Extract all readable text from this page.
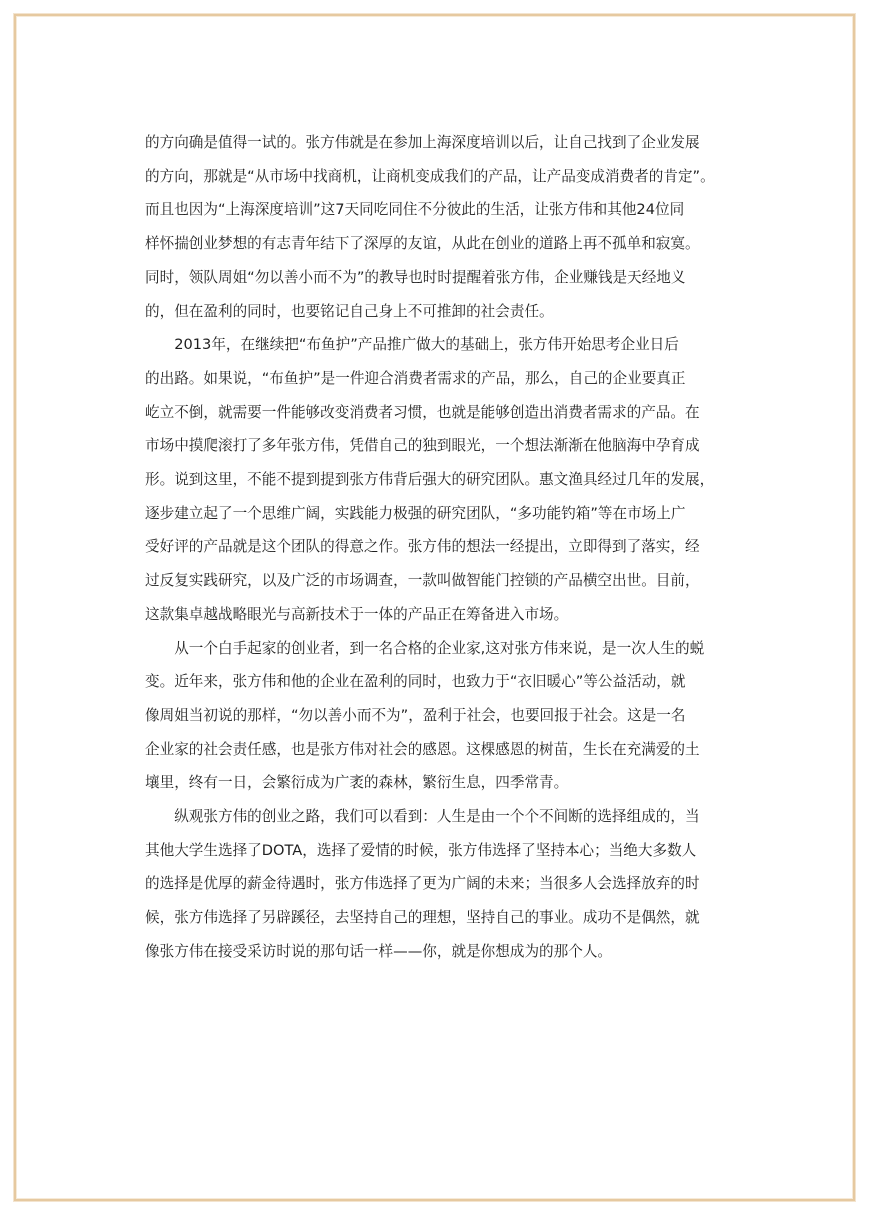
的方向确是值得一试的。张方伟就是在参加上海深度培训以后，让自己找到了企业发展
的方向，那就是“从市场中找商机，让商机变成我们的产品，让产品变成消费者的肯定”。
而且也因为“上海深度培训”这7天同吃同住不分彼此的生活，让张方伟和其他24位同
样怀揣创业梦想的有志青年结下了深厚的友谊，从此在创业的道路上再不孤单和寂寞。
同时，领队周姐“勿以善小而不为”的教导也时时提醒着张方伟，企业赚钱是天经地义
的，但在盈利的同时，也要铭记自己身上不可推卸的社会责任。

2013年，在继续把“布鱼护”产品推广做大的基础上，张方伟开始思考企业日后
的出路。如果说，“布鱼护”是一件迎合消费者需求的产品，那么，自己的企业要真正
屹立不倒，就需要一件能够改变消费者习惯，也就是能够创造出消费者需求的产品。在
市场中摸爬滚打了多年张方伟，凭借自己的独到眼光，一个想法渐渐在他脑海中孕育成
形。说到这里，不能不提到提到张方伟背后强大的研究团队。惠文渔具经过几年的发展，
逐步建立起了一个思维广阔，实践能力极强的研究团队，“多功能钓箱”等在市场上广
受好评的产品就是这个团队的得意之作。张方伟的想法一经提出，立即得到了落实，经
过反复实践研究，以及广泛的市场调查，一款叫做智能门控锁的产品横空出世。目前，
这款集卓越战略眼光与高新技术于一体的产品正在筹备进入市场。

从一个白手起家的创业者，到一名合格的企业家,这对张方伟来说，是一次人生的蜕
变。近年来，张方伟和他的企业在盈利的同时，也致力于“衣旧暖心”等公益活动，就
像周姐当初说的那样，“勿以善小而不为”，盈利于社会，也要回报于社会。这是一名
企业家的社会责任感，也是张方伟对社会的感恩。这棵感恩的树苗，生长在充满爱的土
壤里，终有一日，会繁衍成为广袤的森林，繁衍生息，四季常青。

纵观张方伟的创业之路，我们可以看到：人生是由一个个不间断的选择组成的，当
其他大学生选择了DOTA，选择了爱情的时候，张方伟选择了坚持本心；当绝大多数人
的选择是优厚的薪金待遇时，张方伟选择了更为广阔的未来；当很多人会选择放弃的时
候，张方伟选择了另辟蹊径，去坚持自己的理想，坚持自己的事业。成功不是偶然，就
像张方伟在接受采访时说的那句话一样——你，就是你想成为的那个人。
